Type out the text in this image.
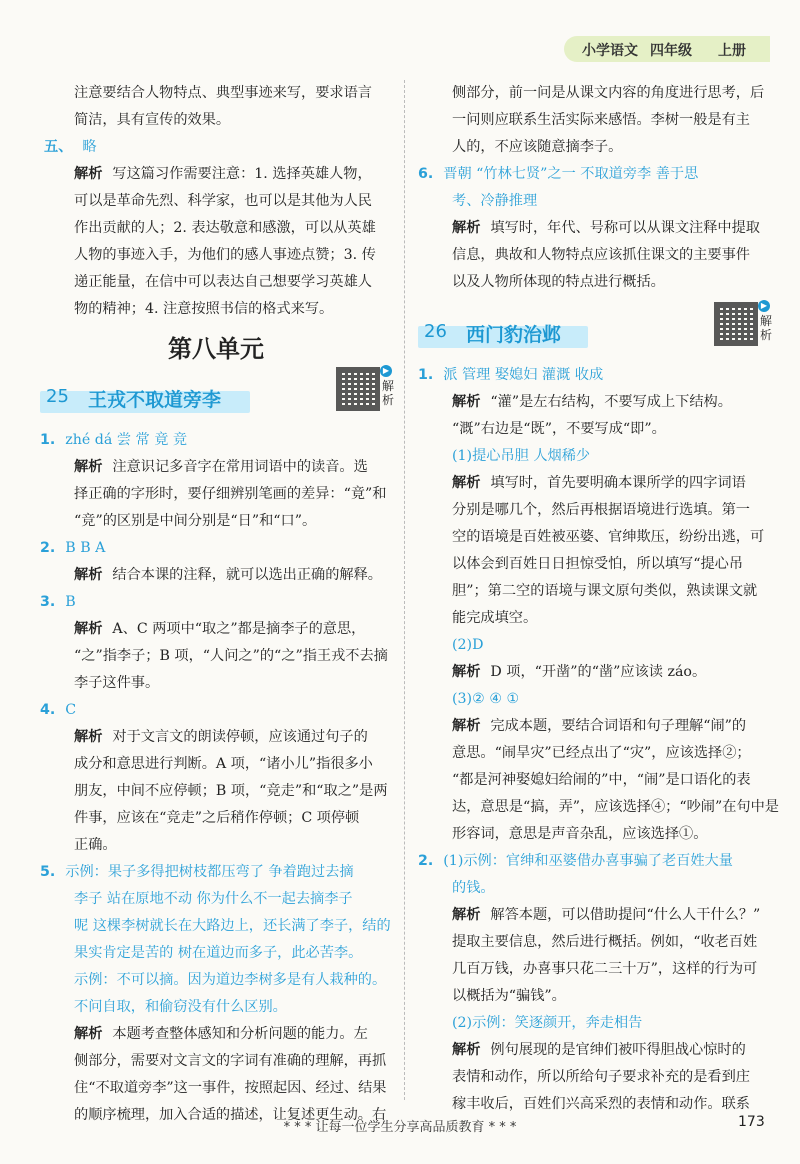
小学语文 四年级 上册
注意要结合人物特点、典型事迹来写，要求语言
简洁，具有宣传的效果。
五、 略
解析 写这篇习作需要注意：1. 选择英雄人物，
可以是革命先烈、科学家，也可以是其他为人民
作出贡献的人；2. 表达敬意和感激，可以从英雄
人物的事迹入手，为他们的感人事迹点赞；3. 传
递正能量，在信中可以表达自己想要学习英雄人
物的精神；4. 注意按照书信的格式来写。
第八单元
25 王戎不取道旁李
▶
解析
1. zhé dá 尝 常 竟 竞
解析 注意识记多音字在常用词语中的读音。选
择正确的字形时，要仔细辨别笔画的差异：“竟”和
“竞”的区别是中间分别是“日”和“口”。
2. B B A
解析 结合本课的注释，就可以选出正确的解释。
3. B
解析 A、C 两项中“取之”都是摘李子的意思，
“之”指李子；B 项，“人问之”的“之”指王戎不去摘
李子这件事。
4. C
解析 对于文言文的朗读停顿，应该通过句子的
成分和意思进行判断。A 项，“诸小儿”指很多小
朋友，中间不应停顿；B 项，“竞走”和“取之”是两
件事，应该在“竞走”之后稍作停顿；C 项停顿
正确。
5. 示例：果子多得把树枝都压弯了 争着跑过去摘
李子 站在原地不动 你为什么不一起去摘李子
呢 这棵李树就长在大路边上，还长满了李子，结的
果实肯定是苦的 树在道边而多子，此必苦李。
示例：不可以摘。因为道边李树多是有人栽种的。
不问自取，和偷窃没有什么区别。
解析 本题考查整体感知和分析问题的能力。左
侧部分，需要对文言文的字词有准确的理解，再抓
住“不取道旁李”这一事件，按照起因、经过、结果
的顺序梳理，加入合适的描述，让复述更生动。右
侧部分，前一问是从课文内容的角度进行思考，后
一问则应联系生活实际来感悟。李树一般是有主
人的，不应该随意摘李子。
6. 晋朝 “竹林七贤”之一 不取道旁李 善于思
考、冷静推理
解析 填写时，年代、号称可以从课文注释中提取
信息，典故和人物特点应该抓住课文的主要事件
以及人物所体现的特点进行概括。
26 西门豹治邺
▶
解析
1. 派 管理 娶媳妇 灌溉 收成
解析 “灌”是左右结构，不要写成上下结构。
“溉”右边是“既”，不要写成“即”。
(1)提心吊胆 人烟稀少
解析 填写时，首先要明确本课所学的四字词语
分别是哪几个，然后再根据语境进行选填。第一
空的语境是百姓被巫婆、官绅欺压，纷纷出逃，可
以体会到百姓日日担惊受怕，所以填写“提心吊
胆”；第二空的语境与课文原句类似，熟读课文就
能完成填空。
(2)D
解析 D 项，“开凿”的“凿”应该读 záo。
(3)② ④ ①
解析 完成本题，要结合词语和句子理解“闹”的
意思。“闹旱灾”已经点出了“灾”，应该选择②；
“都是河神娶媳妇给闹的”中，“闹”是口语化的表
达，意思是“搞，弄”，应该选择④；“吵闹”在句中是
形容词，意思是声音杂乱，应该选择①。
2. (1)示例：官绅和巫婆借办喜事骗了老百姓大量
的钱。
解析 解答本题，可以借助提问“什么人干什么？”
提取主要信息，然后进行概括。例如，“收老百姓
几百万钱，办喜事只花二三十万”，这样的行为可
以概括为“骗钱”。
(2)示例：笑逐颜开，奔走相告
解析 例句展现的是官绅们被吓得胆战心惊时的
表情和动作，所以所给句子要求补充的是看到庄
稼丰收后，百姓们兴高采烈的表情和动作。联系
* * * 让每一位学生分享高品质教育 * * *	173
